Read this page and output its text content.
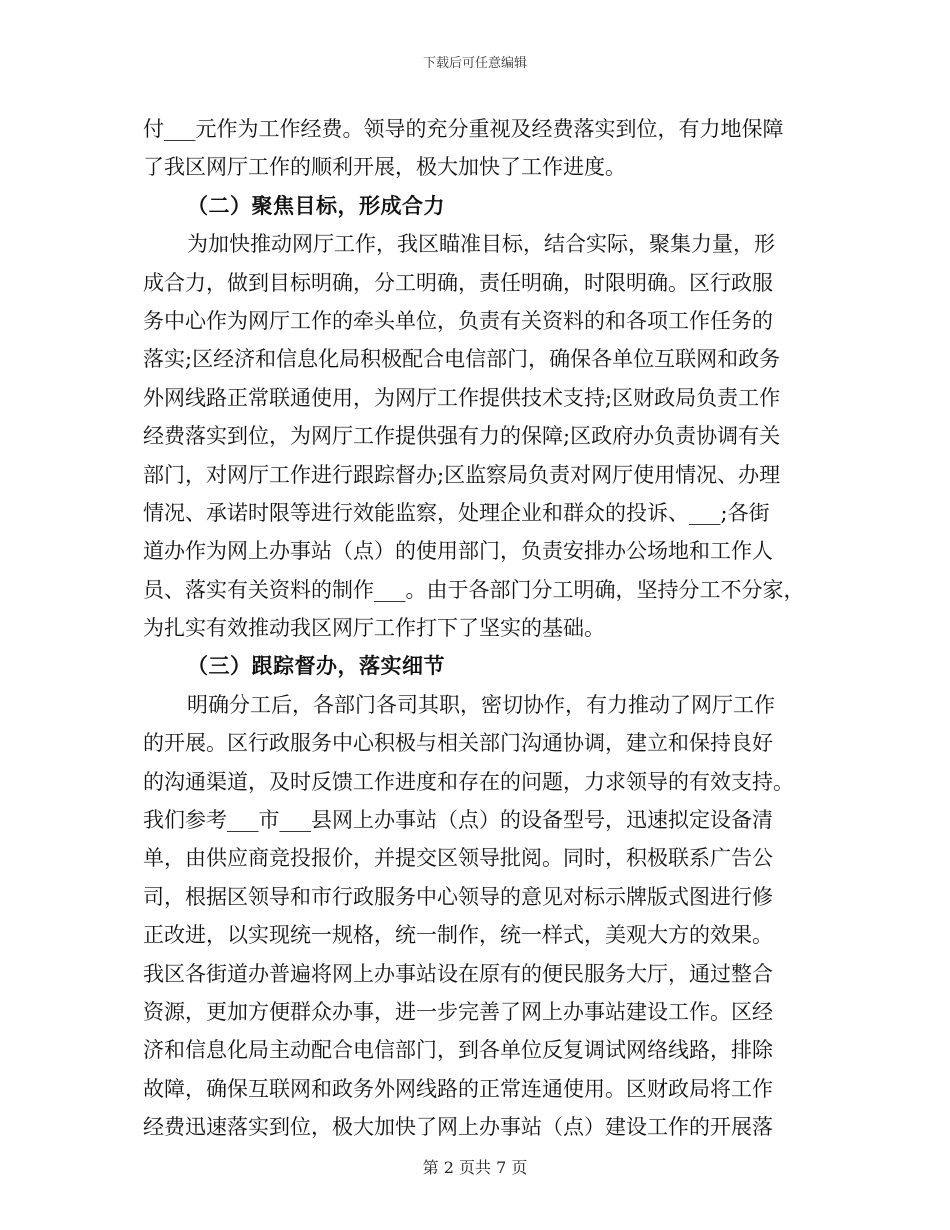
下载后可任意编辑
付___元作为工作经费。领导的充分重视及经费落实到位，有力地保障
了我区网厅工作的顺利开展，极大加快了工作进度。
（二）聚焦目标，形成合力
为加快推动网厅工作，我区瞄准目标，结合实际，聚集力量，形
成合力，做到目标明确，分工明确，责任明确，时限明确。区行政服
务中心作为网厅工作的牵头单位，负责有关资料的和各项工作任务的
落实;区经济和信息化局积极配合电信部门，确保各单位互联网和政务
外网线路正常联通使用，为网厅工作提供技术支持;区财政局负责工作
经费落实到位，为网厅工作提供强有力的保障;区政府办负责协调有关
部门，对网厅工作进行跟踪督办;区监察局负责对网厅使用情况、办理
情况、承诺时限等进行效能监察，处理企业和群众的投诉、___;各街
道办作为网上办事站（点）的使用部门，负责安排办公场地和工作人
员、落实有关资料的制作___。由于各部门分工明确，坚持分工不分家，
为扎实有效推动我区网厅工作打下了坚实的基础。
（三）跟踪督办，落实细节
明确分工后，各部门各司其职，密切协作，有力推动了网厅工作
的开展。区行政服务中心积极与相关部门沟通协调，建立和保持良好
的沟通渠道，及时反馈工作进度和存在的问题，力求领导的有效支持。
我们参考___市___县网上办事站（点）的设备型号，迅速拟定设备清
单，由供应商竞投报价，并提交区领导批阅。同时，积极联系广告公
司，根据区领导和市行政服务中心领导的意见对标示牌版式图进行修
正改进，以实现统一规格，统一制作，统一样式，美观大方的效果。
我区各街道办普遍将网上办事站设在原有的便民服务大厅，通过整合
资源，更加方便群众办事，进一步完善了网上办事站建设工作。区经
济和信息化局主动配合电信部门，到各单位反复调试网络线路，排除
故障，确保互联网和政务外网线路的正常连通使用。区财政局将工作
经费迅速落实到位，极大加快了网上办事站（点）建设工作的开展落
第 2 页共 7 页
